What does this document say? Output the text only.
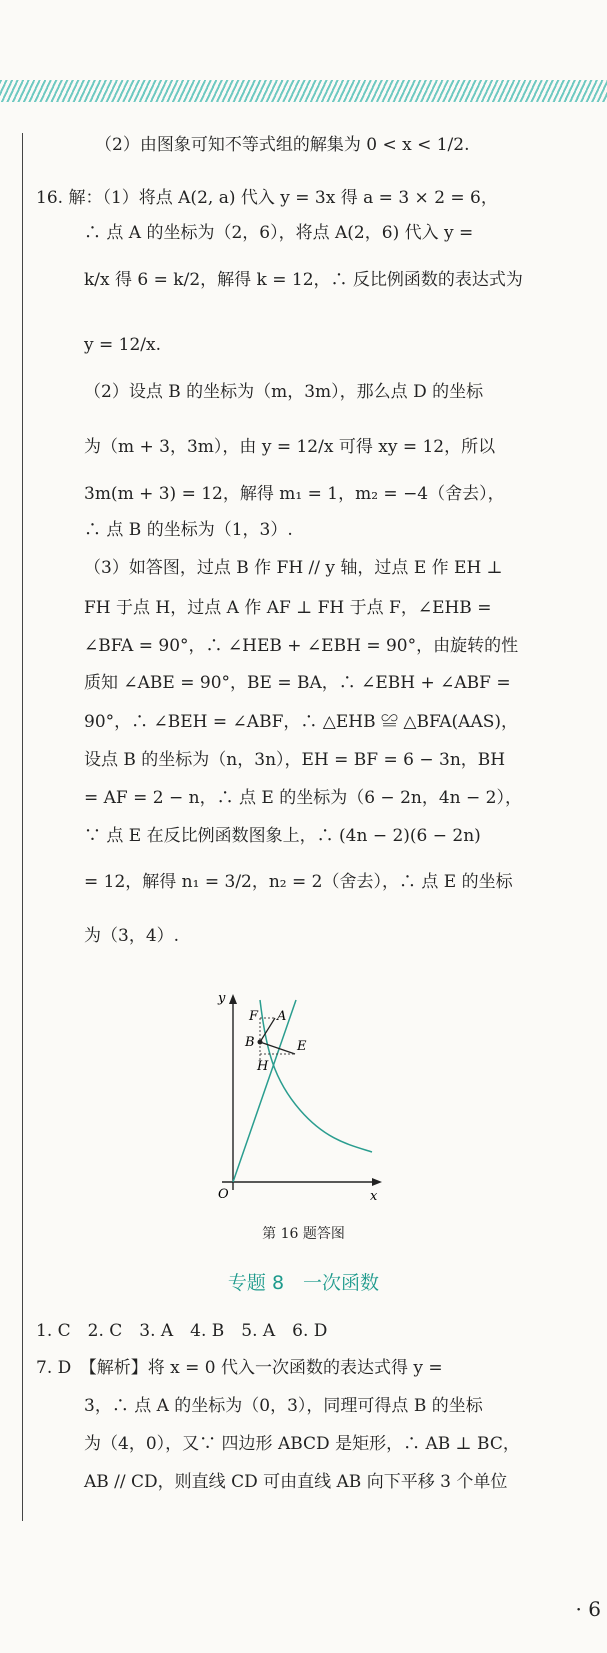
（2）由图象可知不等式组的解集为 0 < x < 1/2.
16. 解：（1）将点 A(2, a) 代入 y = 3x 得 a = 3 × 2 = 6，
∴ 点 A 的坐标为（2，6），将点 A(2，6) 代入 y =
k/x 得 6 = k/2，解得 k = 12，∴ 反比例函数的表达式为
y = 12/x.
（2）设点 B 的坐标为（m，3m），那么点 D 的坐标
为（m + 3，3m），由 y = 12/x 可得 xy = 12，所以
3m(m + 3) = 12，解得 m₁ = 1，m₂ = −4（舍去），
∴ 点 B 的坐标为（1，3）.
（3）如答图，过点 B 作 FH // y 轴，过点 E 作 EH ⊥
FH 于点 H，过点 A 作 AF ⊥ FH 于点 F，∠EHB =
∠BFA = 90°，∴ ∠HEB + ∠EBH = 90°，由旋转的性
质知 ∠ABE = 90°，BE = BA，∴ ∠EBH + ∠ABF =
90°，∴ ∠BEH = ∠ABF，∴ △EHB ≌ △BFA(AAS)，
设点 B 的坐标为（n，3n），EH = BF = 6 − 3n，BH
= AF = 2 − n，∴ 点 E 的坐标为（6 − 2n，4n − 2），
∵ 点 E 在反比例函数图象上，∴ (4n − 2)(6 − 2n)
= 12，解得 n₁ = 3/2，n₂ = 2（舍去），∴ 点 E 的坐标
为（3，4）.
y
x
O
F A
B	E
H
第 16 题答图
专题 8　一次函数
1. C　2. C　3. A　4. B　5. A　6. D
7. D　【解析】将 x = 0 代入一次函数的表达式得 y =
3，∴ 点 A 的坐标为（0，3），同理可得点 B 的坐标
为（4，0），又∵ 四边形 ABCD 是矩形，∴ AB ⊥ BC，
AB // CD，则直线 CD 可由直线 AB 向下平移 3 个单位
· 6
